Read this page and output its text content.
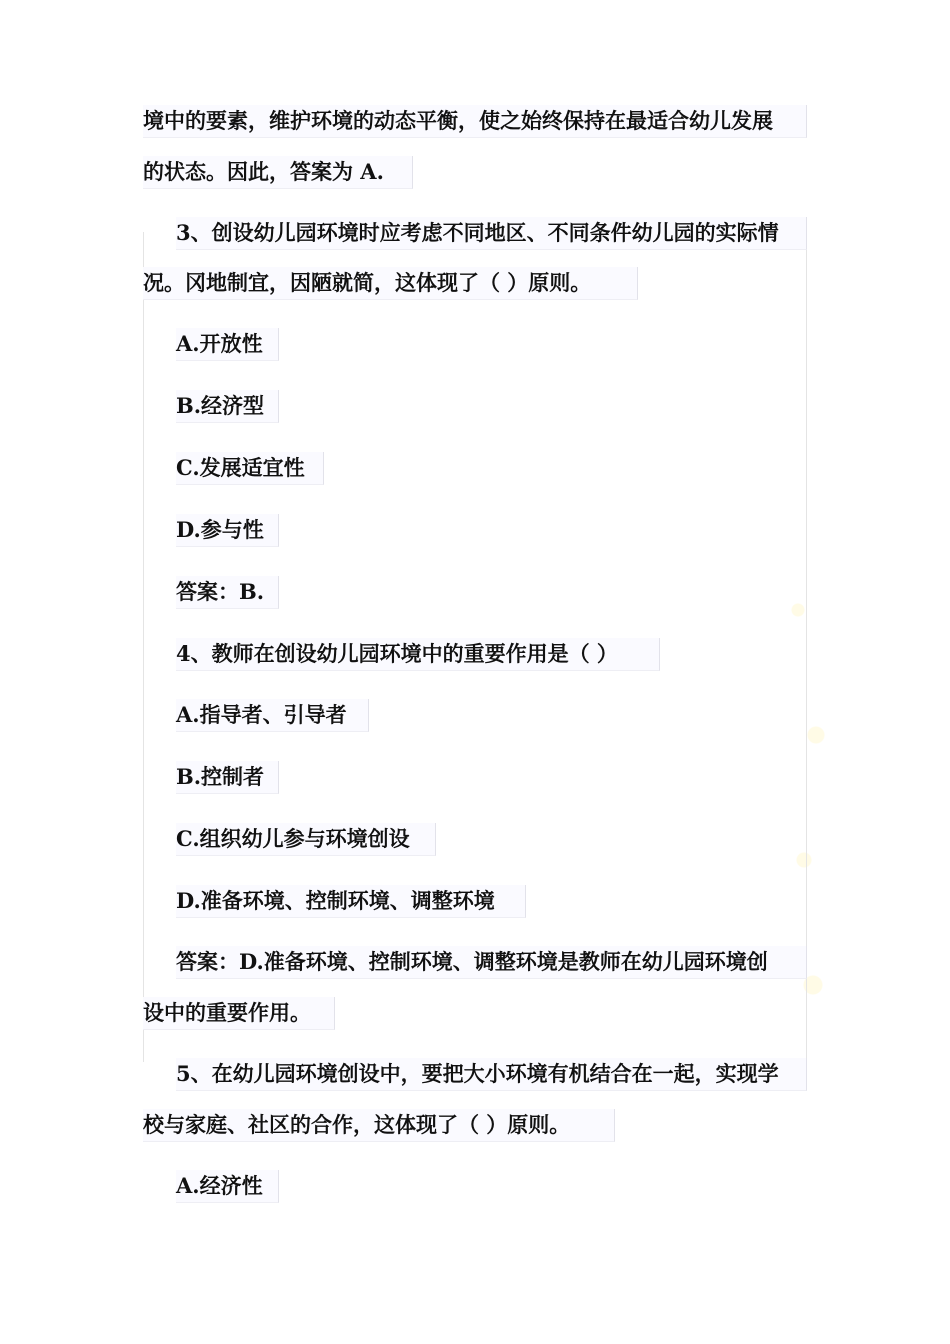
境中的要素，维护环境的动态平衡，使之始终保持在最适合幼儿发展
的状态。因此，答案为 A.
3、创设幼儿园环境时应考虑不同地区、不同条件幼儿园的实际情
况。冈地制宜，因陋就简，这体现了（ ）原则。
A.开放性
B.经济型
C.发展适宜性
D.参与性
答案：B.
4、教师在创设幼儿园环境中的重要作用是（ ）
A.指导者、引导者
B.控制者
C.组织幼儿参与环境创设
D.准备环境、控制环境、调整环境
答案：D.准备环境、控制环境、调整环境是教师在幼儿园环境创
设中的重要作用。
5、在幼儿园环境创设中，要把大小环境有机结合在一起，实现学
校与家庭、社区的合作，这体现了（ ）原则。
A.经济性
